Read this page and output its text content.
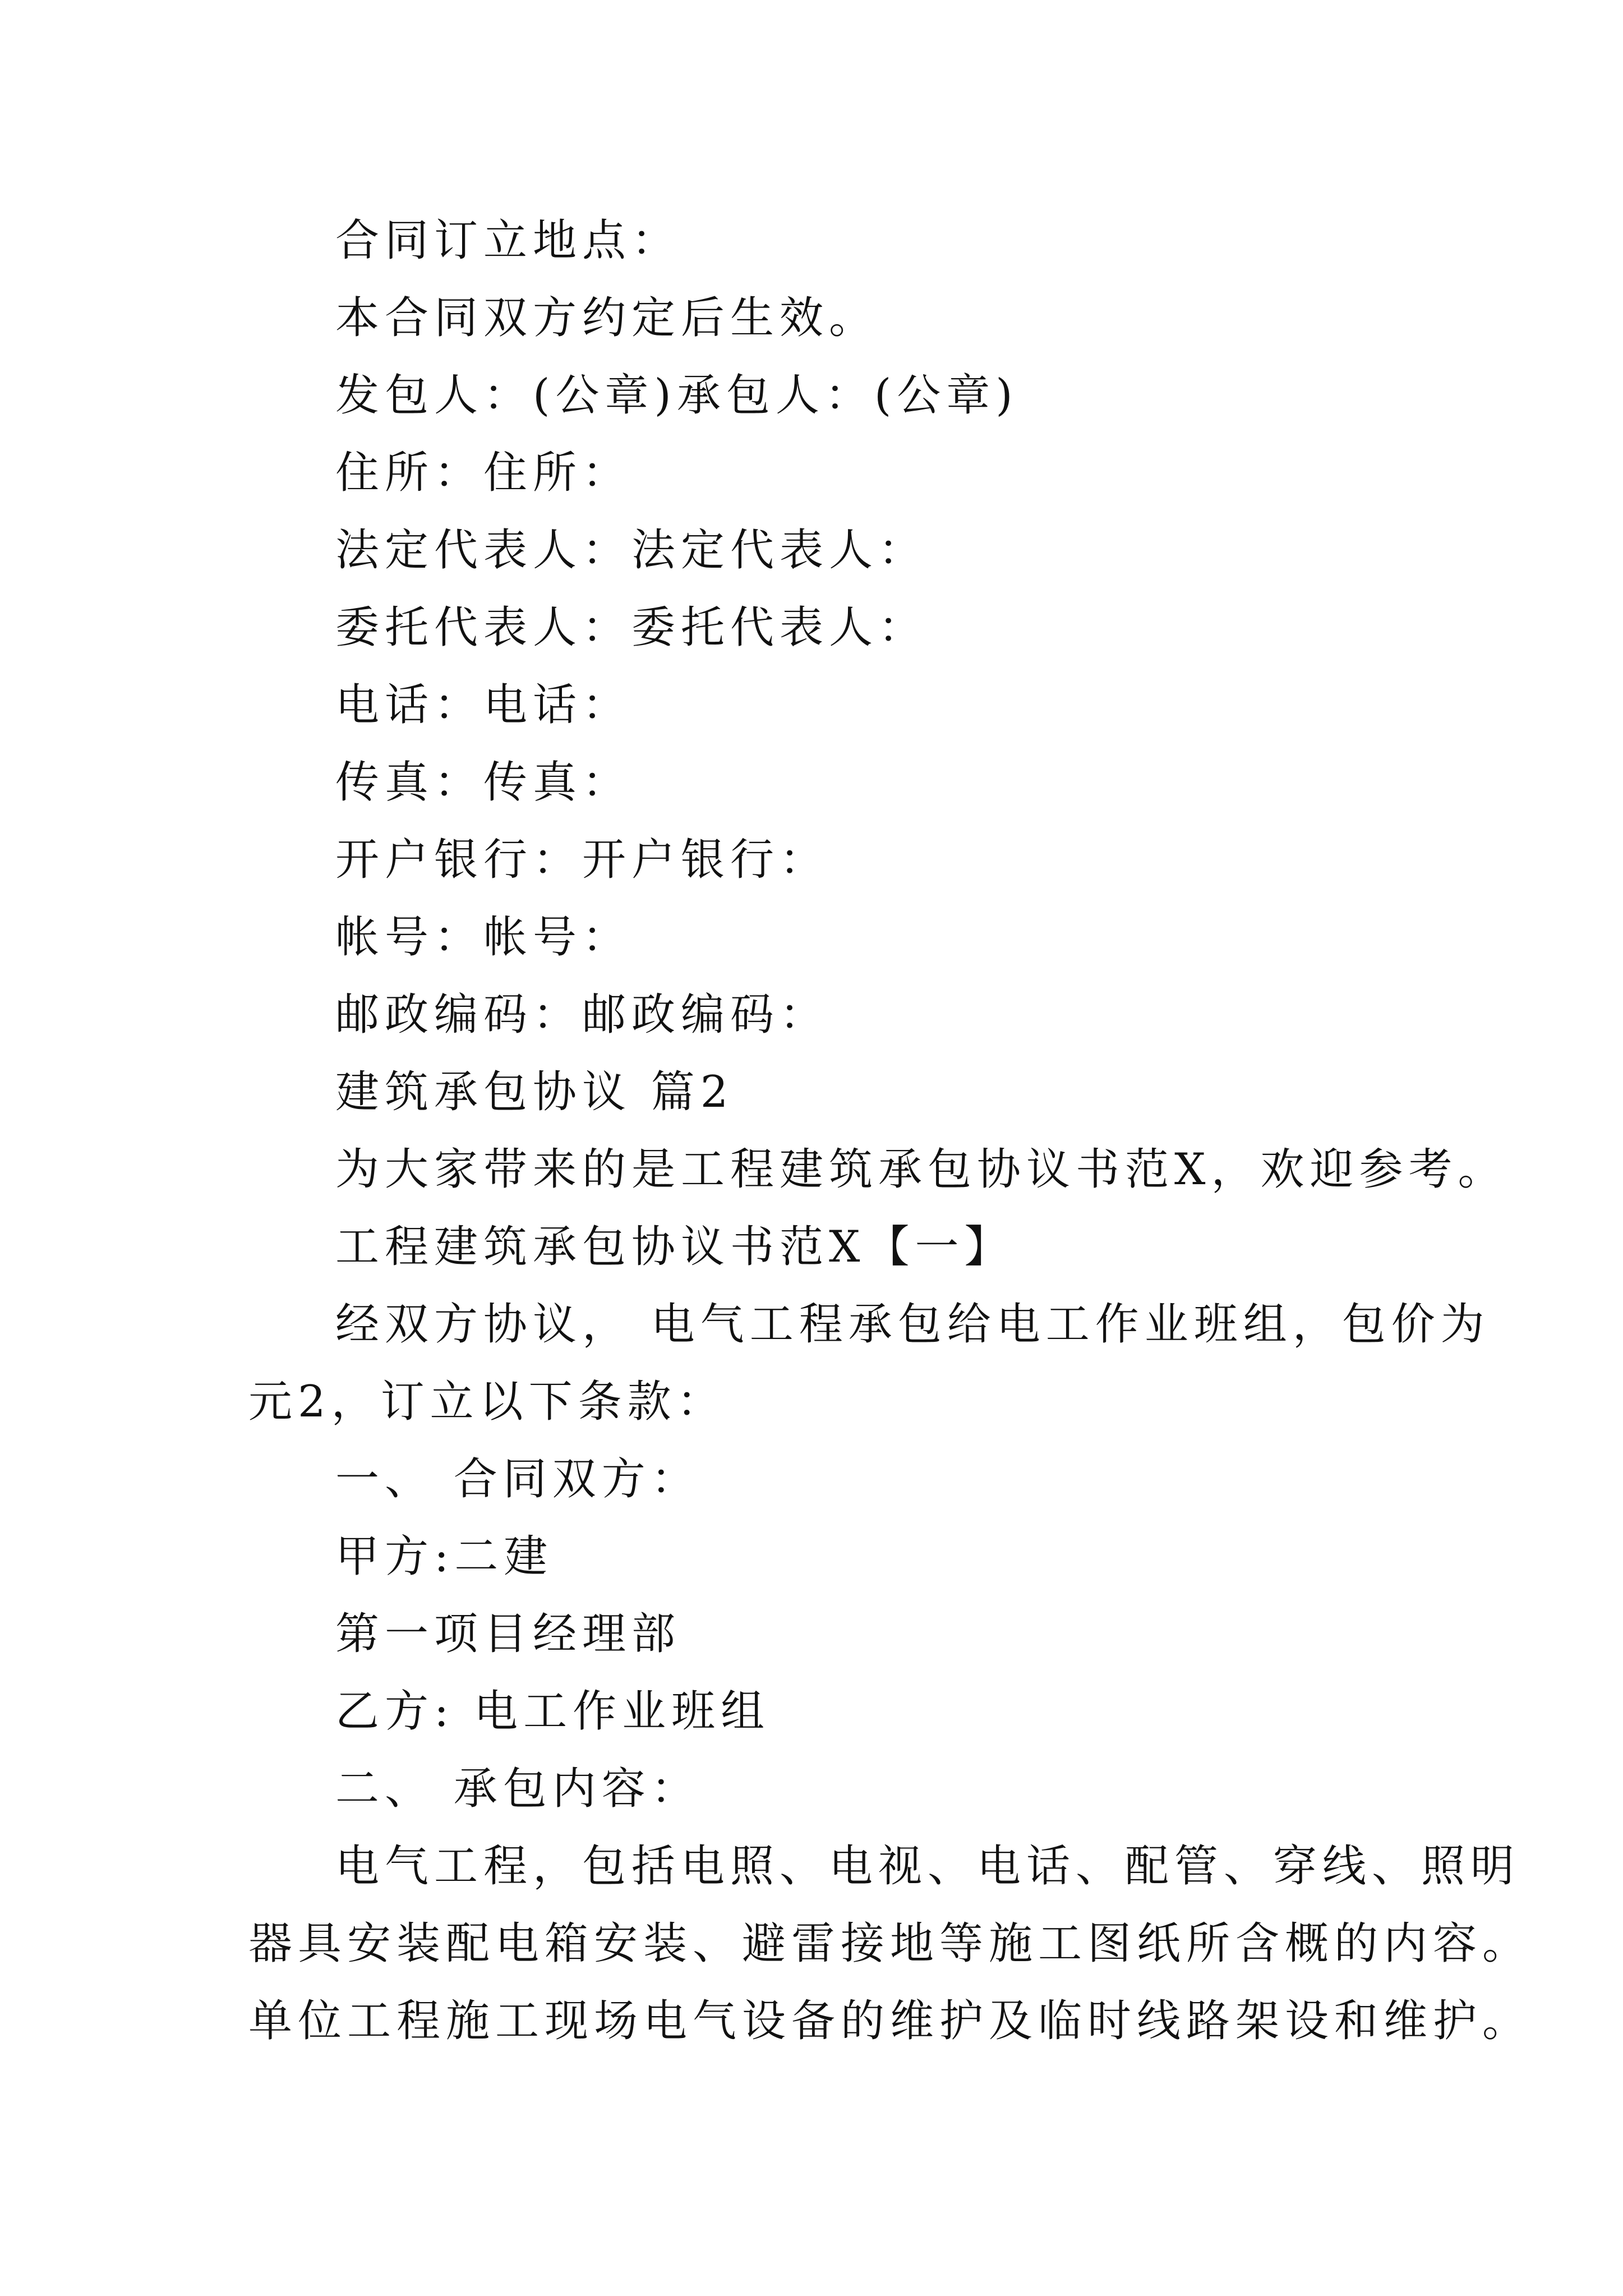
合同订立地点：
本合同双方约定后生效。
发包人：(公章)承包人：(公章)
住所：住所：
法定代表人：法定代表人：
委托代表人：委托代表人：
电话：电话：
传真：传真：
开户银行：开户银行：
帐号：帐号：
邮政编码：邮政编码：
建筑承包协议 篇2
为大家带来的是工程建筑承包协议书范X，欢迎参考。
工程建筑承包协议书范X【一】
经双方协议， 电气工程承包给电工作业班组，包价为
元2，订立以下条款：
一、 合同双方：
甲方:二建
第一项目经理部
乙方: 电工作业班组
二、 承包内容：
电气工程，包括电照、电视、电话、配管、穿线、照明
器具安装配电箱安装、避雷接地等施工图纸所含概的内容。
单位工程施工现场电气设备的维护及临时线路架设和维护。
